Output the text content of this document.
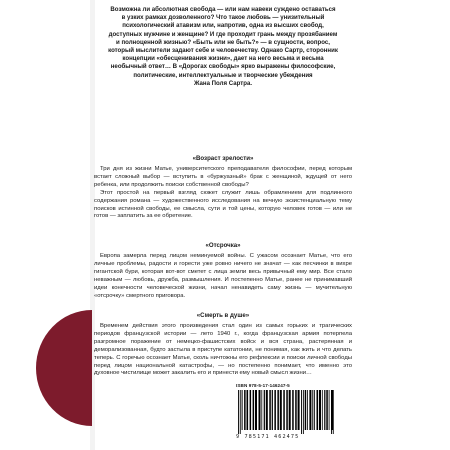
Возможна ли абсолютная свобода — или нам навеки суждено оставаться

в узких рамках дозволенного? Что такое любовь — унизительный

психологический атавизм или, напротив, одна из высших свобод,

доступных мужчине и женщине? И где проходит грань между прозябанием

и полноценной жизнью? «Быть или не быть?» — в сущности, вопрос,

который мыслители задают себе и человечеству. Однако Сартр, сторонник

концепции «обесценивания жизни», дает на него весьма и весьма

необычный ответ… В «Дорогах свободы» ярко выражены философские,

политические, интеллектуальные и творческие убеждения

Жана Поля Сартра.

«Возраст зрелости»

Три дня из жизни Матье, университетского преподавателя философии, перед которым встает сложный выбор — вступить в «буржуазный» брак с женщиной, ждущей от него ребенка, или продолжить поиски собственной свободы?

Этот простой на первый взгляд сюжет служит лишь обрамлением для подлинного содержания романа — художественного исследования на вечную экзистенциальную тему поисков истинной свободы, ее смысла, сути и той цены, которую человек готов — или не готов — заплатить за ее обретение.

«Отсрочка»

Европа замерла перед лицом неминуемой войны. С ужасом осознает Матье, что его личные проблемы, радости и горести уже ровно ничего не значат — как песчинки в вихре гигантской бури, которая вот-вот сметет с лица земли весь привычный ему мир. Все стало неважным — любовь, дружба, размышления. И постепенно Матье, ранее не принимавший идеи конечности человеческой жизни, начал ненавидеть саму жизнь — мучительную «отсрочку» смертного приговора.

«Смерть в душе»

Временем действия этого произведения стал один из самых горьких и трагических периодов французской истории — лето 1940 г., когда французская армия потерпела разгромное поражение от немецко-фашистских войск и вся страна, растерянная и деморализованная, будто застыла в приступе кататонии, не понимая, как жить и что делать теперь. С горечью осознает Матье, сколь ничтожны его рефлексии и поиски личной свободы перед лицом национальной катастрофы, — но постепенно понимает, что именно это духовное чистилище может закалить его и принести ему новый смысл жизни…

ISBN 978-5-17-146247-5
9 785171 462475
